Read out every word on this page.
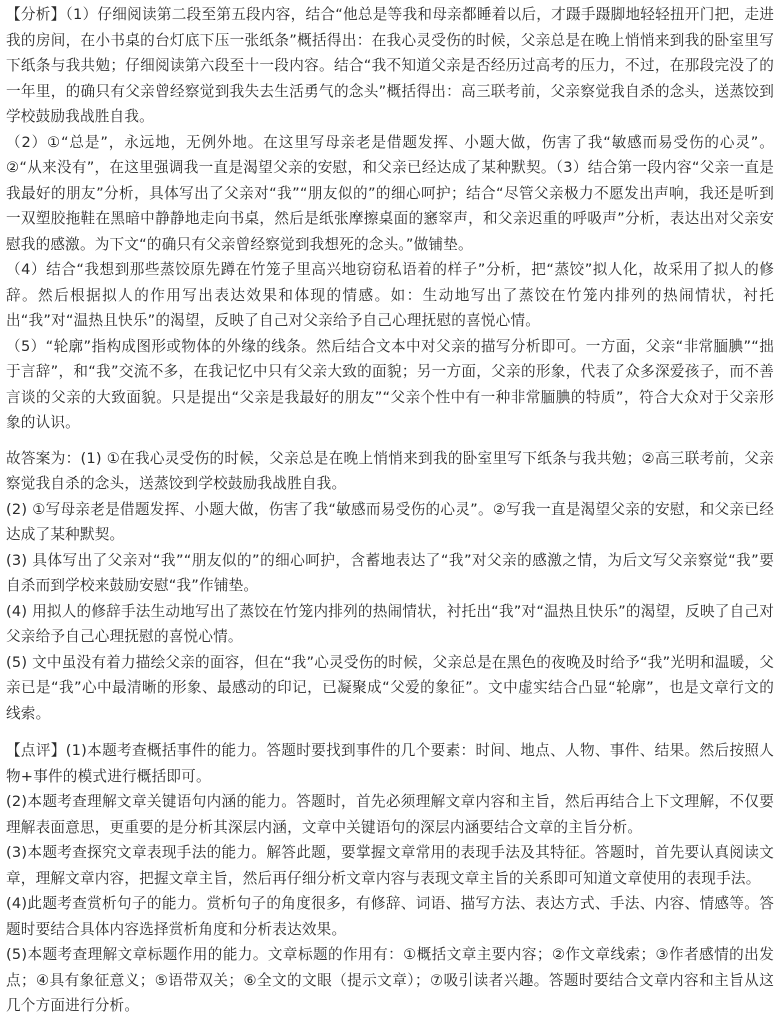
【分析】（1）仔细阅读第二段至第五段内容，结合“他总是等我和母亲都睡着以后，才蹑手蹑脚地轻轻扭开门把，走进我的房间，在小书桌的台灯底下压一张纸条”概括得出：在我心灵受伤的时候，父亲总是在晚上悄悄来到我的卧室里写下纸条与我共勉；仔细阅读第六段至十一段内容。结合“我不知道父亲是否经历过高考的压力，不过，在那段完没了的一年里，的确只有父亲曾经察觉到我失去生活勇气的念头”概括得出：高三联考前，父亲察觉我自杀的念头，送蒸饺到学校鼓励我战胜自我。

（2）①“总是”，永远地，无例外地。在这里写母亲老是借题发挥、小题大做，伤害了我“敏感而易受伤的心灵”。②“从来没有”，在这里强调我一直是渴望父亲的安慰，和父亲已经达成了某种默契。（3）结合第一段内容“父亲一直是我最好的朋友”分析，具体写出了父亲对“我”“朋友似的”的细心呵护；结合“尽管父亲极力不愿发出声响，我还是听到一双塑胶拖鞋在黑暗中静静地走向书桌，然后是纸张摩擦桌面的窸窣声，和父亲迟重的呼吸声”分析，表达出对父亲安慰我的感激。为下文“的确只有父亲曾经察觉到我想死的念头。”做铺垫。

（4）结合“我想到那些蒸饺原先蹲在竹笼子里高兴地窃窃私语着的样子”分析，把“蒸饺”拟人化，故采用了拟人的修辞。然后根据拟人的作用写出表达效果和体现的情感。如：生动地写出了蒸饺在竹笼内排列的热闹情状，衬托出“我”对“温热且快乐”的渴望，反映了自己对父亲给予自己心理抚慰的喜悦心情。

（5）“轮廓”指构成图形或物体的外缘的线条。然后结合文本中对父亲的描写分析即可。一方面，父亲“非常腼腆”“拙于言辞”，和“我”交流不多，在我记忆中只有父亲大致的面貌；另一方面，父亲的形象，代表了众多深爱孩子，而不善言谈的父亲的大致面貌。只是提出“父亲是我最好的朋友”“父亲个性中有一种非常腼腆的特质”，符合大众对于父亲形象的认识。

故答案为：(1) ①在我心灵受伤的时候，父亲总是在晚上悄悄来到我的卧室里写下纸条与我共勉；②高三联考前，父亲察觉我自杀的念头，送蒸饺到学校鼓励我战胜自我。

(2) ①写母亲老是借题发挥、小题大做，伤害了我“敏感而易受伤的心灵”。②写我一直是渴望父亲的安慰，和父亲已经达成了某种默契。

(3) 具体写出了父亲对“我”“朋友似的”的细心呵护，含蓄地表达了“我”对父亲的感激之情，为后文写父亲察觉“我”要自杀而到学校来鼓励安慰“我”作铺垫。

(4) 用拟人的修辞手法生动地写出了蒸饺在竹笼内排列的热闹情状，衬托出“我”对“温热且快乐”的渴望，反映了自己对父亲给予自己心理抚慰的喜悦心情。

(5) 文中虽没有着力描绘父亲的面容，但在“我”心灵受伤的时候，父亲总是在黑色的夜晚及时给予“我”光明和温暖，父亲已是“我”心中最清晰的形象、最感动的印记，已凝聚成“父爱的象征”。文中虚实结合凸显“轮廓”，也是文章行文的线索。

【点评】(1)本题考查概括事件的能力。答题时要找到事件的几个要素：时间、地点、人物、事件、结果。然后按照人物+事件的模式进行概括即可。

(2)本题考查理解文章关键语句内涵的能力。答题时，首先必须理解文章内容和主旨，然后再结合上下文理解，不仅要理解表面意思，更重要的是分析其深层内涵，文章中关键语句的深层内涵要结合文章的主旨分析。

(3)本题考查探究文章表现手法的能力。解答此题，要掌握文章常用的表现手法及其特征。答题时，首先要认真阅读文章，理解文章内容，把握文章主旨，然后再仔细分析文章内容与表现文章主旨的关系即可知道文章使用的表现手法。

(4)此题考查赏析句子的能力。赏析句子的角度很多，有修辞、词语、描写方法、表达方式、手法、内容、情感等。答题时要结合具体内容选择赏析角度和分析表达效果。

(5)本题考查理解文章标题作用的能力。文章标题的作用有：①概括文章主要内容；②作文章线索；③作者感情的出发点；④具有象征意义；⑤语带双关；⑥全文的文眼（提示文章）；⑦吸引读者兴趣。答题时要结合文章内容和主旨从这几个方面进行分析。
